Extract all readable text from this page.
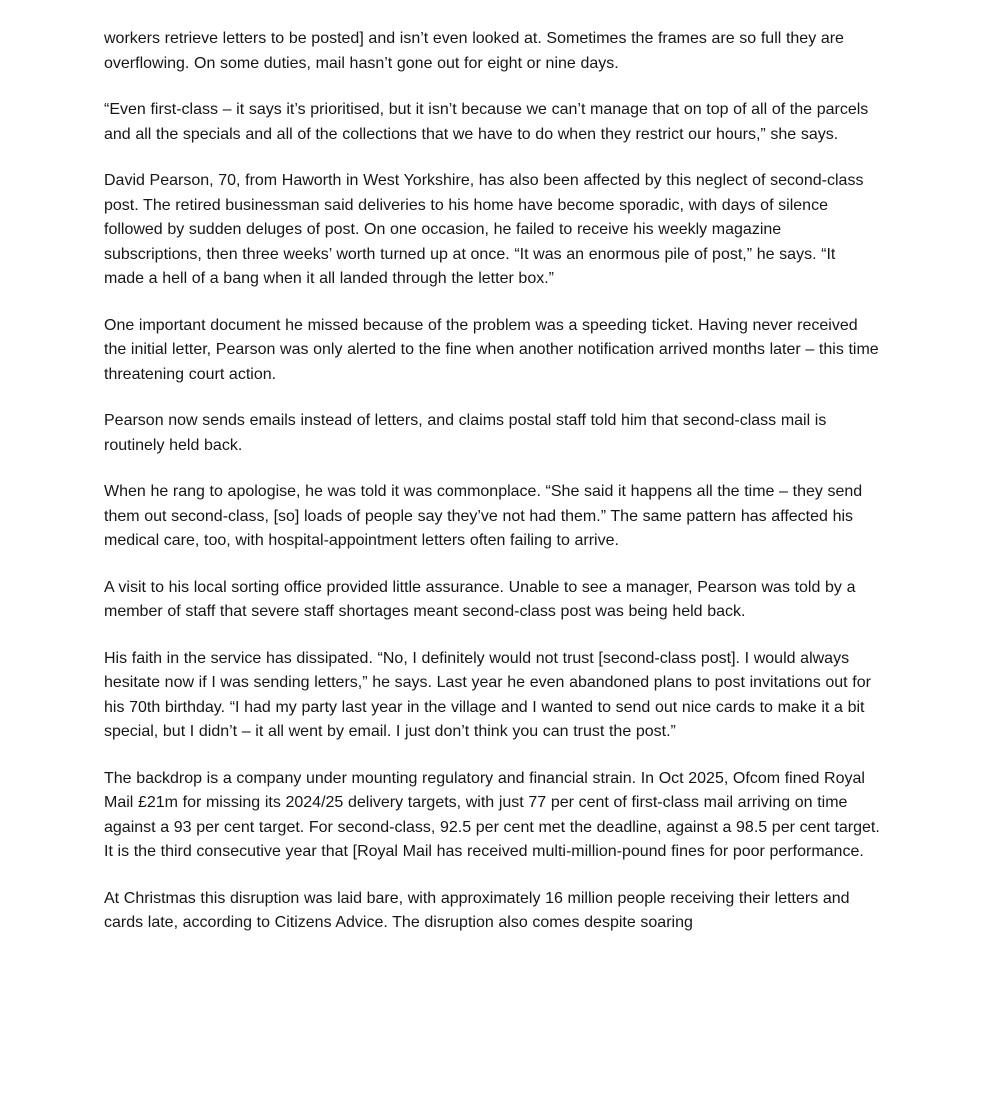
workers retrieve letters to be posted] and isn’t even looked at. Sometimes the frames are so full they are overflowing. On some duties, mail hasn’t gone out for eight or nine days.

“Even first-class – it says it’s prioritised, but it isn’t because we can’t manage that on top of all of the parcels and all the specials and all of the collections that we have to do when they restrict our hours,” she says.

David Pearson, 70, from Haworth in West Yorkshire, has also been affected by this neglect of second-class post. The retired businessman said deliveries to his home have become sporadic, with days of silence followed by sudden deluges of post. On one occasion, he failed to receive his weekly magazine subscriptions, then three weeks’ worth turned up at once. “It was an enormous pile of post,” he says. “It made a hell of a bang when it all landed through the letter box.”

One important document he missed because of the problem was a speeding ticket. Having never received the initial letter, Pearson was only alerted to the fine when another notification arrived months later – this time threatening court action.

Pearson now sends emails instead of letters, and claims postal staff told him that second-class mail is routinely held back.

When he rang to apologise, he was told it was commonplace. “She said it happens all the time – they send them out second-class, [so] loads of people say they’ve not had them.” The same pattern has affected his medical care, too, with hospital-appointment letters often failing to arrive.

A visit to his local sorting office provided little assurance. Unable to see a manager, Pearson was told by a member of staff that severe staff shortages meant second-class post was being held back.

His faith in the service has dissipated. “No, I definitely would not trust [second-class post]. I would always hesitate now if I was sending letters,” he says. Last year he even abandoned plans to post invitations out for his 70th birthday. “I had my party last year in the village and I wanted to send out nice cards to make it a bit special, but I didn’t – it all went by email. I just don’t think you can trust the post.”

The backdrop is a company under mounting regulatory and financial strain. In Oct 2025, Ofcom fined Royal Mail £21m for missing its 2024/25 delivery targets, with just 77 per cent of first-class mail arriving on time against a 93 per cent target. For second-class, 92.5 per cent met the deadline, against a 98.5 per cent target. It is the third consecutive year that [Royal Mail has received multi-million-pound fines for poor performance.

At Christmas this disruption was laid bare, with approximately 16 million people receiving their letters and cards late, according to Citizens Advice. The disruption also comes despite soaring
